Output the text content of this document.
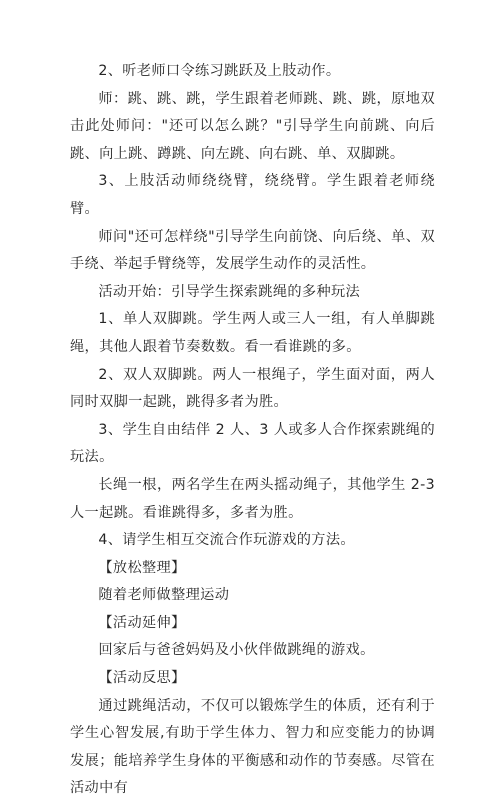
2、听老师口令练习跳跃及上肢动作。

师：跳、跳、跳，学生跟着老师跳、跳、跳，原地双击此处师问："还可以怎么跳？"引导学生向前跳、向后跳、向上跳、蹲跳、向左跳、向右跳、单、双脚跳。

3、上肢活动师绕绕臂，绕绕臂。学生跟着老师绕臂。

师问"还可怎样绕"引导学生向前饶、向后绕、单、双手绕、举起手臂绕等，发展学生动作的灵活性。

活动开始：引导学生探索跳绳的多种玩法

1、单人双脚跳。学生两人或三人一组，有人单脚跳绳，其他人跟着节奏数数。看一看谁跳的多。

2、双人双脚跳。两人一根绳子，学生面对面，两人同时双脚一起跳，跳得多者为胜。

3、学生自由结伴 2 人、3 人或多人合作探索跳绳的玩法。

长绳一根，两名学生在两头摇动绳子，其他学生 2-3 人一起跳。看谁跳得多，多者为胜。

4、请学生相互交流合作玩游戏的方法。

【放松整理】

随着老师做整理运动

【活动延伸】

回家后与爸爸妈妈及小伙伴做跳绳的游戏。

【活动反思】

通过跳绳活动，不仅可以锻炼学生的体质，还有利于学生心智发展,有助于学生体力、智力和应变能力的协调发展；能培养学生身体的平衡感和动作的节奏感。尽管在活动中有
